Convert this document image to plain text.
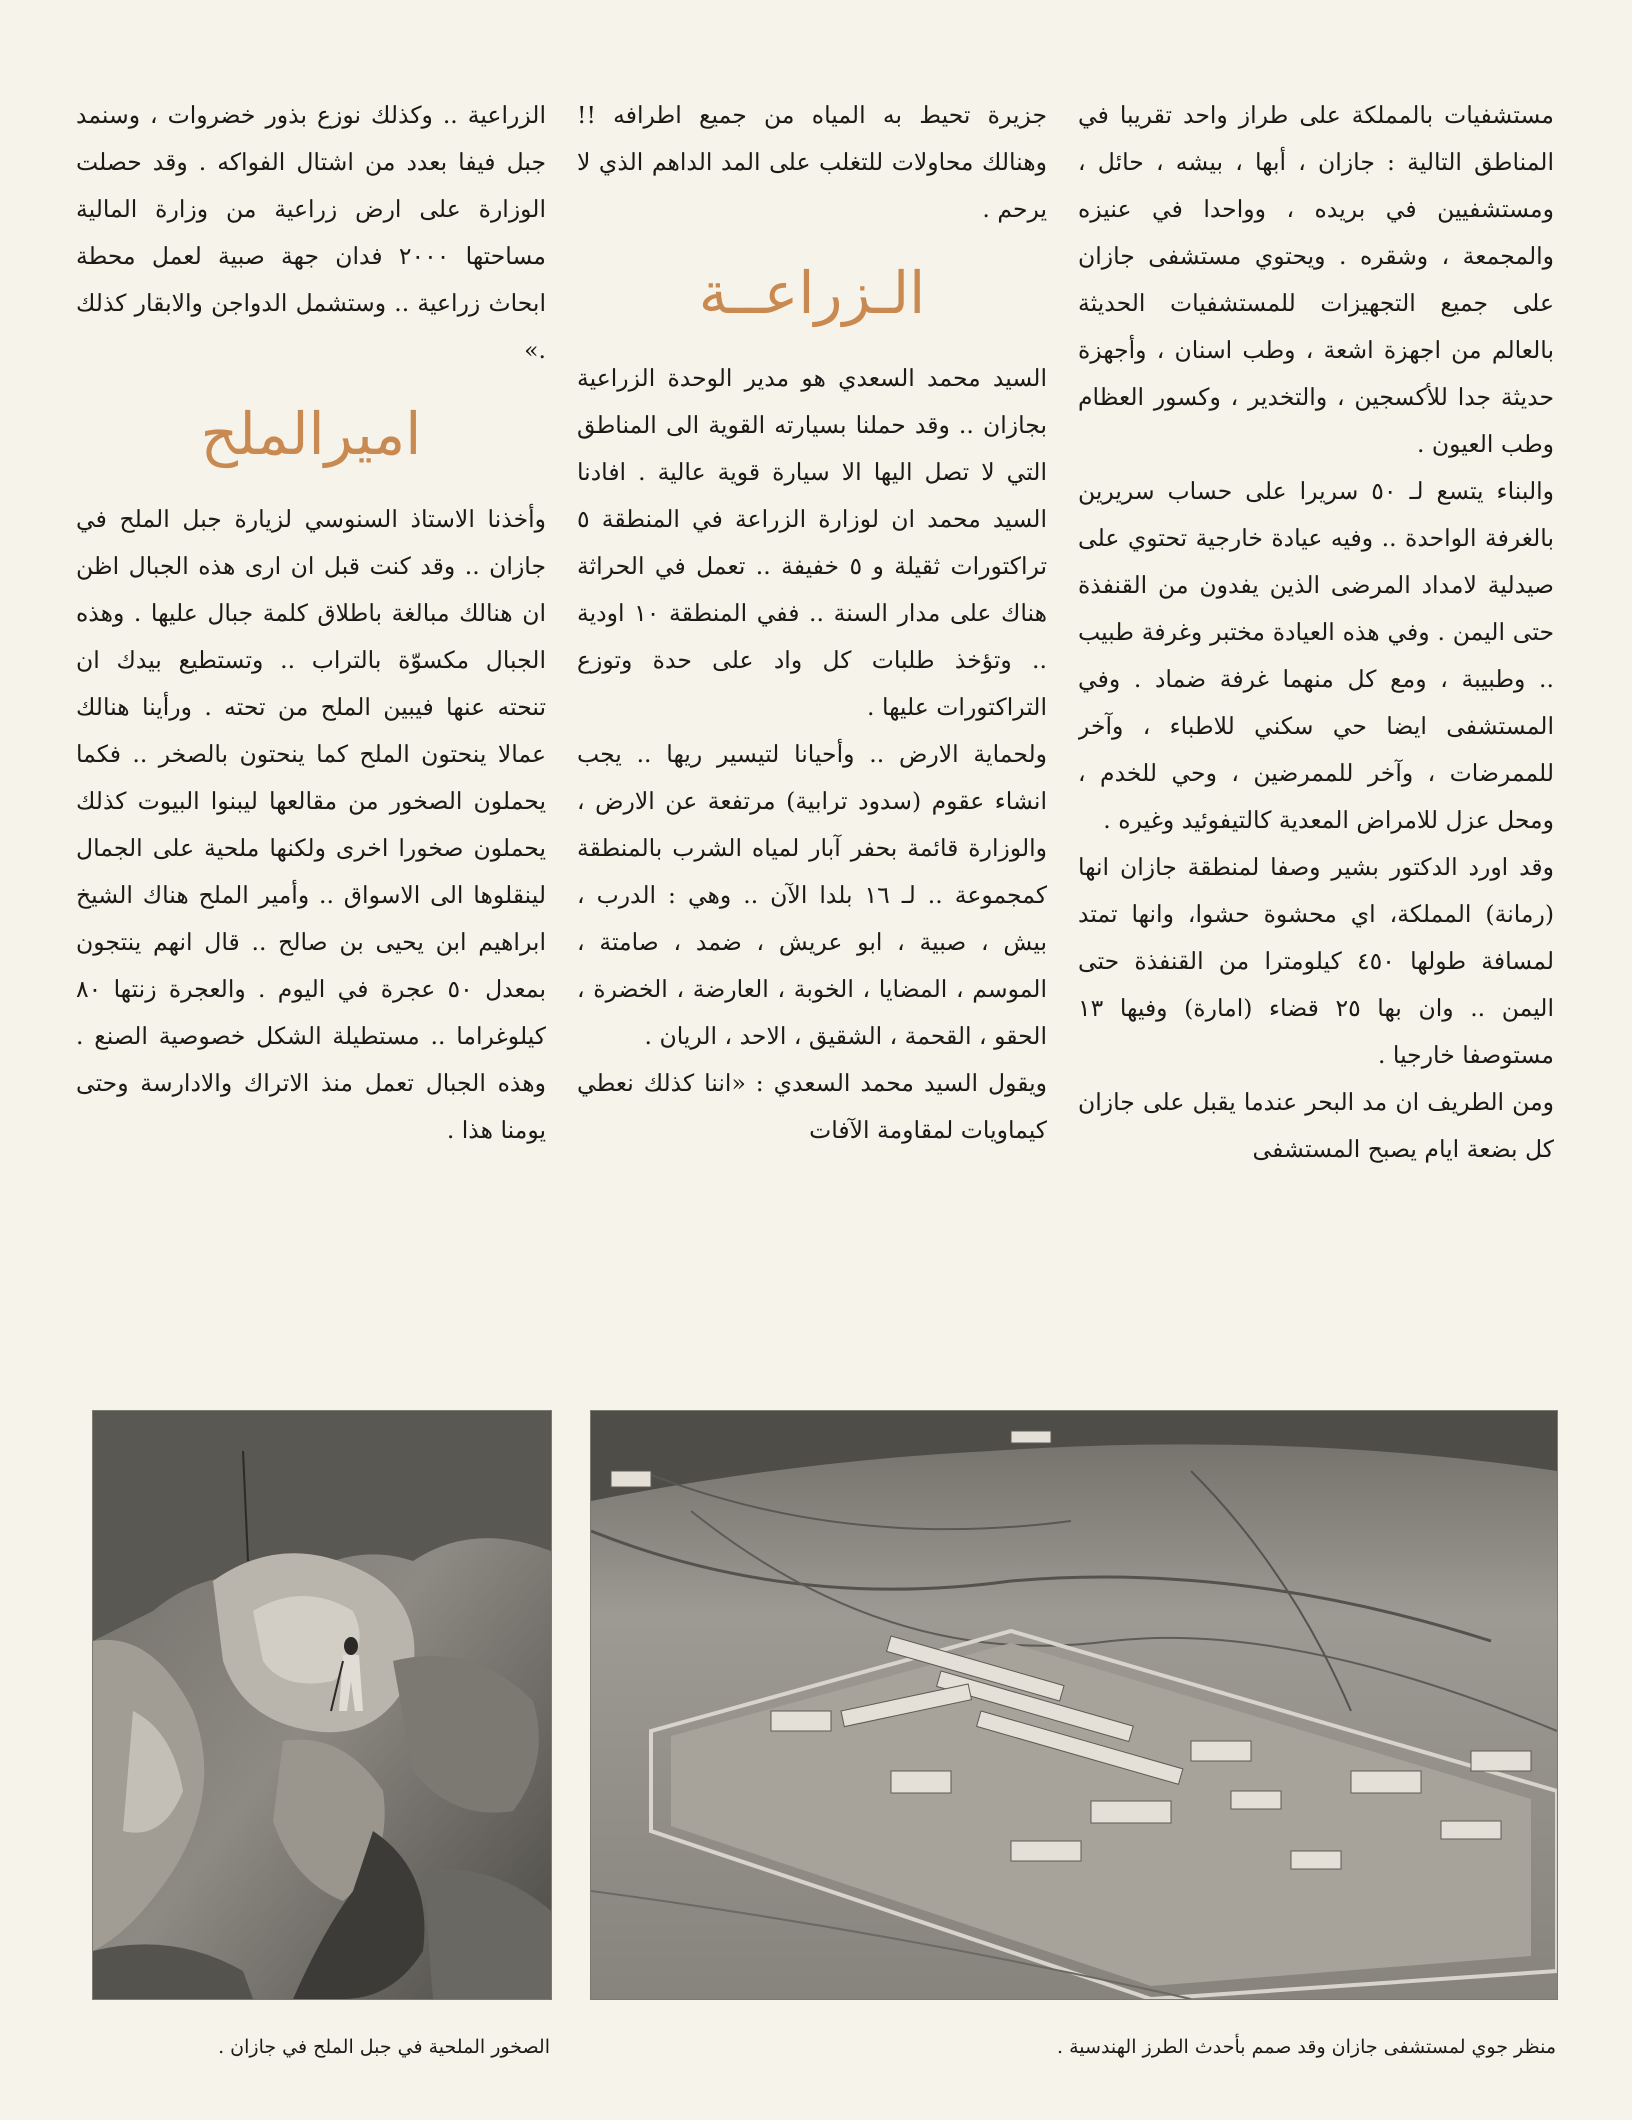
مستشفيات بالمملكة على طراز واحد تقريبا في المناطق التالية : جازان ، أبها ، بيشه ، حائل ، ومستشفيين في بريده ، وواحدا في عنيزه والمجمعة ، وشقره . ويحتوي مستشفى جازان على جميع التجهيزات للمستشفيات الحديثة بالعالم من اجهزة اشعة ، وطب اسنان ، وأجهزة حديثة جدا للأكسجين ، والتخدير ، وكسور العظام وطب العيون .

والبناء يتسع لـ ٥٠ سريرا على حساب سريرين بالغرفة الواحدة .. وفيه عيادة خارجية تحتوي على صيدلية لامداد المرضى الذين يفدون من القنفذة حتى اليمن . وفي هذه العيادة مختبر وغرفة طبيب .. وطبيبة ، ومع كل منهما غرفة ضماد . وفي المستشفى ايضا حي سكني للاطباء ، وآخر للممرضات ، وآخر للممرضين ، وحي للخدم ، ومحل عزل للامراض المعدية كالتيفوئيد وغيره .

وقد اورد الدكتور بشير وصفا لمنطقة جازان انها (رمانة) المملكة، اي محشوة حشوا، وانها تمتد لمسافة طولها ٤٥٠ كيلومترا من القنفذة حتى اليمن .. وان بها ٢٥ قضاء (امارة) وفيها ١٣ مستوصفا خارجيا .

ومن الطريف ان مد البحر عندما يقبل على جازان كل بضعة ايام يصبح المستشفى

جزيرة تحيط به المياه من جميع اطرافه !! وهنالك محاولات للتغلب على المد الداهم الذي لا يرحم .

الـزراعــة

السيد محمد السعدي هو مدير الوحدة الزراعية بجازان .. وقد حملنا بسيارته القوية الى المناطق التي لا تصل اليها الا سيارة قوية عالية . افادنا السيد محمد ان لوزارة الزراعة في المنطقة ٥ تراكتورات ثقيلة و ٥ خفيفة .. تعمل في الحراثة هناك على مدار السنة .. ففي المنطقة ١٠ اودية .. وتؤخذ طلبات كل واد على حدة وتوزع التراكتورات عليها .

ولحماية الارض .. وأحيانا لتيسير ريها .. يجب انشاء عقوم (سدود ترابية) مرتفعة عن الارض ، والوزارة قائمة بحفر آبار لمياه الشرب بالمنطقة كمجموعة .. لـ ١٦ بلدا الآن .. وهي : الدرب ، بيش ، صبية ، ابو عريش ، ضمد ، صامتة ، الموسم ، المضايا ، الخوبة ، العارضة ، الخضرة ، الحقو ، القحمة ، الشقيق ، الاحد ، الريان .

ويقول السيد محمد السعدي : «اننا كذلك نعطي كيماويات لمقاومة الآفات

الزراعية .. وكذلك نوزع بذور خضروات ، وسنمد جبل فيفا بعدد من اشتال الفواكه . وقد حصلت الوزارة على ارض زراعية من وزارة المالية مساحتها ٢٠٠٠ فدان جهة صبية لعمل محطة ابحاث زراعية .. وستشمل الدواجن والابقار كذلك .»

اميرالملح

وأخذنا الاستاذ السنوسي لزيارة جبل الملح في جازان .. وقد كنت قبل ان ارى هذه الجبال اظن ان هنالك مبالغة باطلاق كلمة جبال عليها . وهذه الجبال مكسوّة بالتراب .. وتستطيع بيدك ان تنحته عنها فيبين الملح من تحته . ورأينا هنالك عمالا ينحتون الملح كما ينحتون بالصخر .. فكما يحملون الصخور من مقالعها ليبنوا البيوت كذلك يحملون صخورا اخرى ولكنها ملحية على الجمال لينقلوها الى الاسواق .. وأمير الملح هناك الشيخ ابراهيم ابن يحيى بن صالح .. قال انهم ينتجون بمعدل ٥٠ عجرة في اليوم . والعجرة زنتها ٨٠ كيلوغراما .. مستطيلة الشكل خصوصية الصنع . وهذه الجبال تعمل منذ الاتراك والادارسة وحتى يومنا هذا .

الصخور الملحية في جبل الملح في جازان .	منظر جوي لمستشفى جازان وقد صمم بأحدث الطرز الهندسية .
